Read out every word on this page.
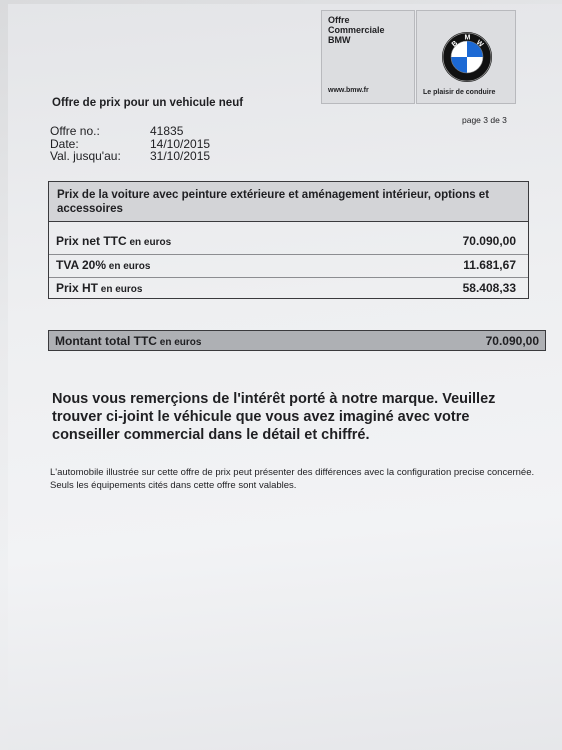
Offre Commerciale BMW
www.bmw.fr
B
M
W
Le plaisir de conduire
Offre de prix pour un vehicule neuf
page 3 de 3
Offre no.:	41835
Date:	14/10/2015
Val. jusqu'au:	31/10/2015
Prix de la voiture avec peinture extérieure et aménagement intérieur, options et accessoires
Prix net TTC en euros	70.090,00
TVA 20% en euros	11.681,67
Prix HT en euros	58.408,33
Montant total TTC en euros	70.090,00
Nous vous remerçions de l'intérêt porté à notre marque. Veuillez trouver ci-joint le véhicule que vous avez imaginé avec votre conseiller commercial dans le détail et chiffré.
L'automobile illustrée sur cette offre de prix peut présenter des différences avec la configuration precise concernée. Seuls les équipements cités dans cette offre sont valables.
